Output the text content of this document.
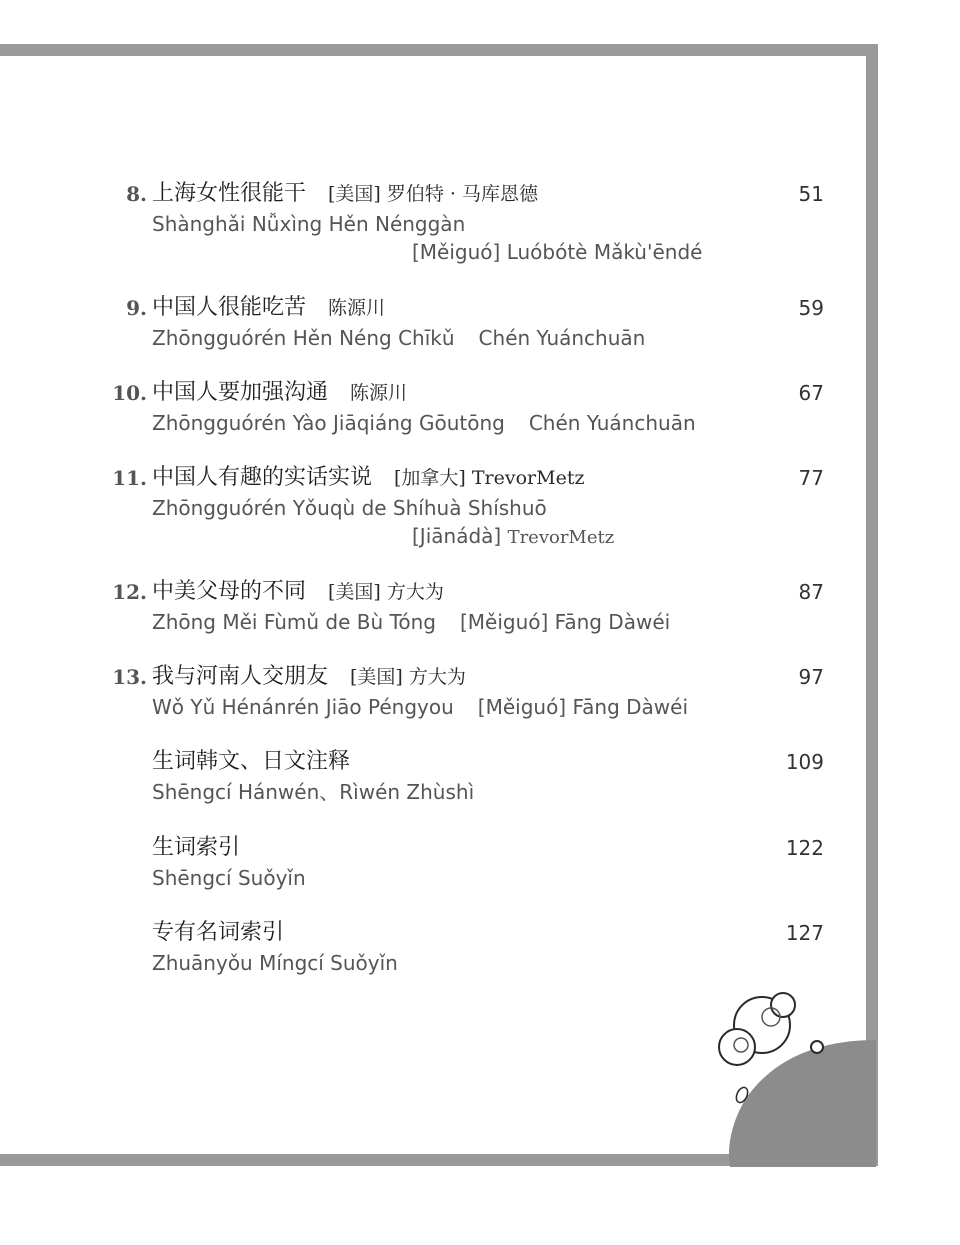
8. 上海女性很能干 [美国] 罗伯特 · 马库恩德	51
Shànghǎi Nǚxìng Hěn Nénggàn
[Měiguó] Luóbótè Mǎkù'ēndé
9. 中国人很能吃苦 陈源川	59
Zhōngguórén Hěn Néng Chīkǔ Chén Yuánchuān
10. 中国人要加强沟通 陈源川	67
Zhōngguórén Yào Jiāqiáng Gōutōng Chén Yuánchuān
11. 中国人有趣的实话实说 [加拿大] TrevorMetz	77
Zhōngguórén Yǒuqù de Shíhuà Shíshuō
[Jiānádà] TrevorMetz
12. 中美父母的不同 [美国] 方大为	87
Zhōng Měi Fùmǔ de Bù Tóng [Měiguó] Fāng Dàwéi
13. 我与河南人交朋友 [美国] 方大为	97
Wǒ Yǔ Hénánrén Jiāo Péngyou [Měiguó] Fāng Dàwéi
生词韩文、日文注释	109
Shēngcí Hánwén、Rìwén Zhùshì
生词索引	122
Shēngcí Suǒyǐn
专有名词索引	127
Zhuānyǒu Míngcí Suǒyǐn
